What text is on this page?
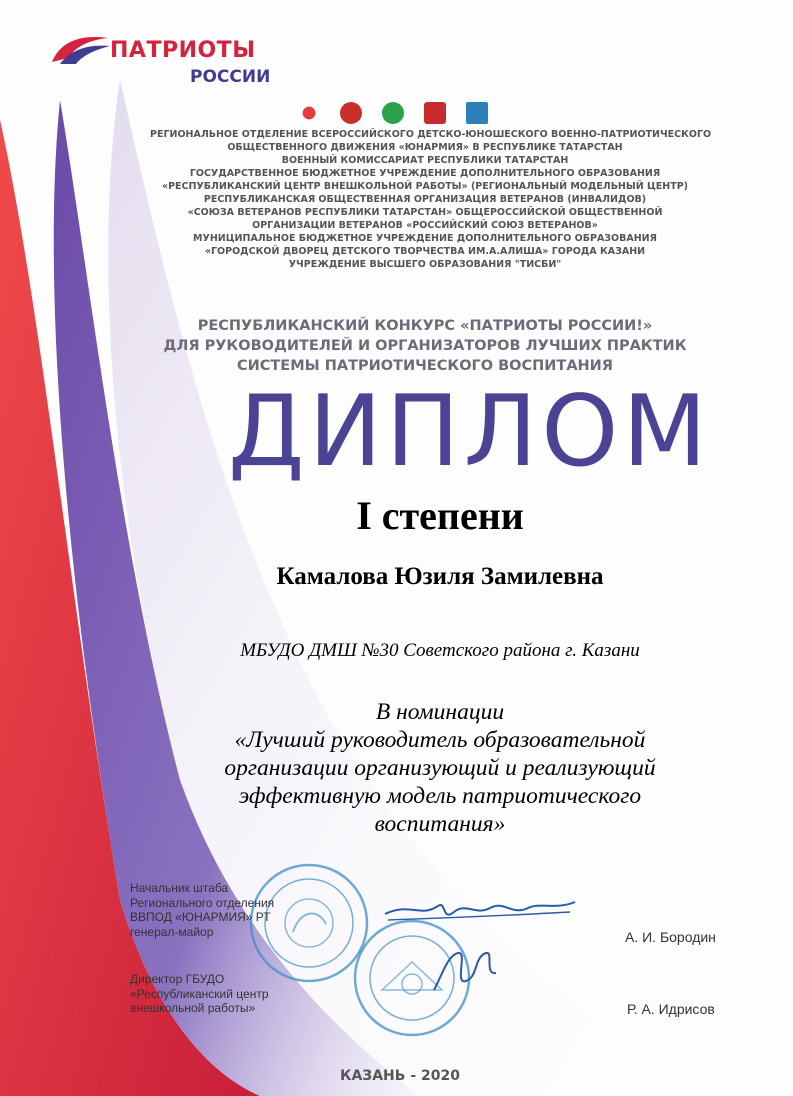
ПАТРИОТЫ
РОССИИ
РЕГИОНАЛЬНОЕ ОТДЕЛЕНИЕ ВСЕРОССИЙСКОГО ДЕТСКО-ЮНОШЕСКОГО ВОЕННО-ПАТРИОТИЧЕСКОГО
ОБЩЕСТВЕННОГО ДВИЖЕНИЯ «ЮНАРМИЯ» В РЕСПУБЛИКЕ ТАТАРСТАН
ВОЕННЫЙ КОМИССАРИАТ РЕСПУБЛИКИ ТАТАРСТАН
ГОСУДАРСТВЕННОЕ БЮДЖЕТНОЕ УЧРЕЖДЕНИЕ ДОПОЛНИТЕЛЬНОГО ОБРАЗОВАНИЯ
«РЕСПУБЛИКАНСКИЙ ЦЕНТР ВНЕШКОЛЬНОЙ РАБОТЫ» (РЕГИОНАЛЬНЫЙ МОДЕЛЬНЫЙ ЦЕНТР)
РЕСПУБЛИКАНСКАЯ ОБЩЕСТВЕННАЯ ОРГАНИЗАЦИЯ ВЕТЕРАНОВ (ИНВАЛИДОВ)
«СОЮЗА ВЕТЕРАНОВ РЕСПУБЛИКИ ТАТАРСТАН» ОБЩЕРОССИЙСКОЙ ОБЩЕСТВЕННОЙ
ОРГАНИЗАЦИИ ВЕТЕРАНОВ «РОССИЙСКИЙ СОЮЗ ВЕТЕРАНОВ»
МУНИЦИПАЛЬНОЕ БЮДЖЕТНОЕ УЧРЕЖДЕНИЕ ДОПОЛНИТЕЛЬНОГО ОБРАЗОВАНИЯ
«ГОРОДСКОЙ ДВОРЕЦ ДЕТСКОГО ТВОРЧЕСТВА ИМ.А.АЛИША» ГОРОДА КАЗАНИ
УЧРЕЖДЕНИЕ ВЫСШЕГО ОБРАЗОВАНИЯ "ТИСБИ"
РЕСПУБЛИКАНСКИЙ КОНКУРС «ПАТРИОТЫ РОССИИ!»
ДЛЯ РУКОВОДИТЕЛЕЙ И ОРГАНИЗАТОРОВ ЛУЧШИХ ПРАКТИК
СИСТЕМЫ ПАТРИОТИЧЕСКОГО ВОСПИТАНИЯ
ДИПЛОМ
I степени
Камалова Юзиля Замилевна
МБУДО ДМШ №30 Советского района г. Казани
В номинации
«Лучший руководитель образовательной
организации организующий и реализующий
эффективную модель патриотического
воспитания»
Начальник штаба
Регионального отделения
ВВПОД «ЮНАРМИЯ» РТ
генерал-майор	А. И. Бородин
Директор ГБУДО
«Республиканский центр
внешкольной работы»	Р. А. Идрисов
КАЗАНЬ - 2020
